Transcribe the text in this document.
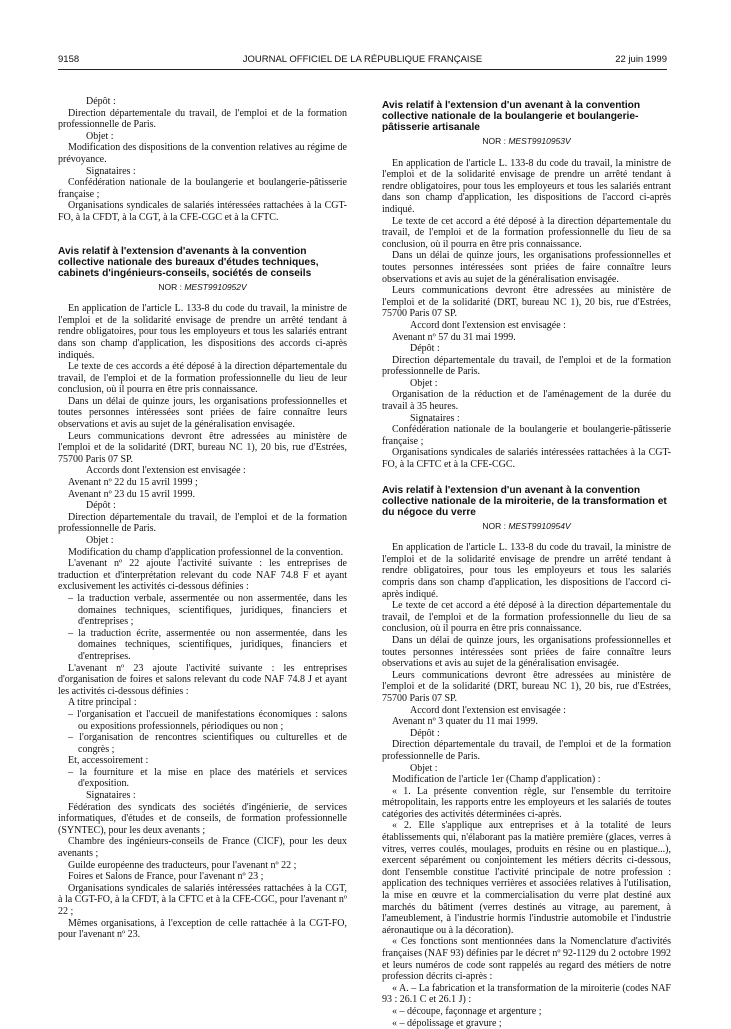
9158	JOURNAL OFFICIEL DE LA RÉPUBLIQUE FRANÇAISE	22 juin 1999

Dépôt :

Direction départementale du travail, de l'emploi et de la formation professionnelle de Paris.

Objet :

Modification des dispositions de la convention relatives au régime de prévoyance.

Signataires :

Confédération nationale de la boulangerie et boulangerie-pâtisserie française ;

Organisations syndicales de salariés intéressées rattachées à la CGT-FO, à la CFDT, à la CGT, à la CFE-CGC et à la CFTC.

Avis relatif à l'extension d'avenants à la convention collective nationale des bureaux d'études techniques, cabinets d'ingénieurs-conseils, sociétés de conseils

NOR : MEST9910952V

En application de l'article L. 133-8 du code du travail, la ministre de l'emploi et de la solidarité envisage de prendre un arrêté tendant à rendre obligatoires, pour tous les employeurs et tous les salariés entrant dans son champ d'application, les dispositions des accords ci-après indiqués.

Le texte de ces accords a été déposé à la direction départementale du travail, de l'emploi et de la formation professionnelle du lieu de leur conclusion, où il pourra en être pris connaissance.

Dans un délai de quinze jours, les organisations professionnelles et toutes personnes intéressées sont priées de faire connaître leurs observations et avis au sujet de la généralisation envisagée.

Leurs communications devront être adressées au ministère de l'emploi et de la solidarité (DRT, bureau NC 1), 20 bis, rue d'Estrées, 75700 Paris 07 SP.

Accords dont l'extension est envisagée :

Avenant nº 22 du 15 avril 1999 ;

Avenant nº 23 du 15 avril 1999.

Dépôt :

Direction départementale du travail, de l'emploi et de la formation professionnelle de Paris.

Objet :

Modification du champ d'application professionnel de la convention.

L'avenant nº 22 ajoute l'activité suivante : les entreprises de traduction et d'interprétation relevant du code NAF 74.8 F et ayant exclusivement les activités ci-dessous définies :

– la traduction verbale, assermentée ou non assermentée, dans les domaines techniques, scientifiques, juridiques, financiers et d'entreprises ;

– la traduction écrite, assermentée ou non assermentée, dans les domaines techniques, scientifiques, juridiques, financiers et d'entreprises.

L'avenant nº 23 ajoute l'activité suivante : les entreprises d'organisation de foires et salons relevant du code NAF 74.8 J et ayant les activités ci-dessous définies :

A titre principal :

– l'organisation et l'accueil de manifestations économiques : salons ou expositions professionnels, périodiques ou non ;

– l'organisation de rencontres scientifiques ou culturelles et de congrès ;

Et, accessoirement :

– la fourniture et la mise en place des matériels et services d'exposition.

Signataires :

Fédération des syndicats des sociétés d'ingénierie, de services informatiques, d'études et de conseils, de formation professionnelle (SYNTEC), pour les deux avenants ;

Chambre des ingénieurs-conseils de France (CICF), pour les deux avenants ;

Guilde européenne des traducteurs, pour l'avenant nº 22 ;

Foires et Salons de France, pour l'avenant nº 23 ;

Organisations syndicales de salariés intéressées rattachées à la CGT, à la CGT-FO, à la CFDT, à la CFTC et à la CFE-CGC, pour l'avenant nº 22 ;

Mêmes organisations, à l'exception de celle rattachée à la CGT-FO, pour l'avenant nº 23.

Avis relatif à l'extension d'un avenant à la convention collective nationale de la boulangerie et boulangerie-pâtisserie artisanale

NOR : MEST9910953V

En application de l'article L. 133-8 du code du travail, la ministre de l'emploi et de la solidarité envisage de prendre un arrêté tendant à rendre obligatoires, pour tous les employeurs et tous les salariés entrant dans son champ d'application, les dispositions de l'accord ci-après indiqué.

Le texte de cet accord a été déposé à la direction départementale du travail, de l'emploi et de la formation professionnelle du lieu de sa conclusion, où il pourra en être pris connaissance.

Dans un délai de quinze jours, les organisations professionnelles et toutes personnes intéressées sont priées de faire connaître leurs observations et avis au sujet de la généralisation envisagée.

Leurs communications devront être adressées au ministère de l'emploi et de la solidarité (DRT, bureau NC 1), 20 bis, rue d'Estrées, 75700 Paris 07 SP.

Accord dont l'extension est envisagée :

Avenant nº 57 du 31 mai 1999.

Dépôt :

Direction départementale du travail, de l'emploi et de la formation professionnelle de Paris.

Objet :

Organisation de la réduction et de l'aménagement de la durée du travail à 35 heures.

Signataires :

Confédération nationale de la boulangerie et boulangerie-pâtisserie française ;

Organisations syndicales de salariés intéressées rattachées à la CGT-FO, à la CFTC et à la CFE-CGC.

Avis relatif à l'extension d'un avenant à la convention collective nationale de la miroiterie, de la transformation et du négoce du verre

NOR : MEST9910954V

En application de l'article L. 133-8 du code du travail, la ministre de l'emploi et de la solidarité envisage de prendre un arrêté tendant à rendre obligatoires, pour tous les employeurs et tous les salariés compris dans son champ d'application, les dispositions de l'accord ci-après indiqué.

Le texte de cet accord a été déposé à la direction départementale du travail, de l'emploi et de la formation professionnelle du lieu de sa conclusion, où il pourra en être pris connaissance.

Dans un délai de quinze jours, les organisations professionnelles et toutes personnes intéressées sont priées de faire connaître leurs observations et avis au sujet de la généralisation envisagée.

Leurs communications devront être adressées au ministère de l'emploi et de la solidarité (DRT, bureau NC 1), 20 bis, rue d'Estrées, 75700 Paris 07 SP.

Accord dont l'extension est envisagée :

Avenant nº 3 quater du 11 mai 1999.

Dépôt :

Direction départementale du travail, de l'emploi et de la formation professionnelle de Paris.

Objet :

Modification de l'article 1er (Champ d'application) :

« 1. La présente convention règle, sur l'ensemble du territoire métropolitain, les rapports entre les employeurs et les salariés de toutes catégories des activités déterminées ci-après.

« 2. Elle s'applique aux entreprises et à la totalité de leurs établissements qui, n'élaborant pas la matière première (glaces, verres à vitres, verres coulés, moulages, produits en résine ou en plastique...), exercent séparément ou conjointement les métiers décrits ci-dessous, dont l'ensemble constitue l'activité principale de notre profession : application des techniques verrières et associées relatives à l'utilisation, la mise en œuvre et la commercialisation du verre plat destiné aux marchés du bâtiment (verres destinés au vitrage, au parement, à l'ameublement, à l'industrie hormis l'industrie automobile et l'industrie aéronautique ou à la décoration).

« Ces fonctions sont mentionnées dans la Nomenclature d'activités françaises (NAF 93) définies par le décret nº 92-1129 du 2 octobre 1992 et leurs numéros de code sont rappelés au regard des métiers de notre profession décrits ci-après :

« A. – La fabrication et la transformation de la miroiterie (codes NAF 93 : 26.1 C et 26.1 J) :

« – découpe, façonnage et argenture ;

« – dépolissage et gravure ;
